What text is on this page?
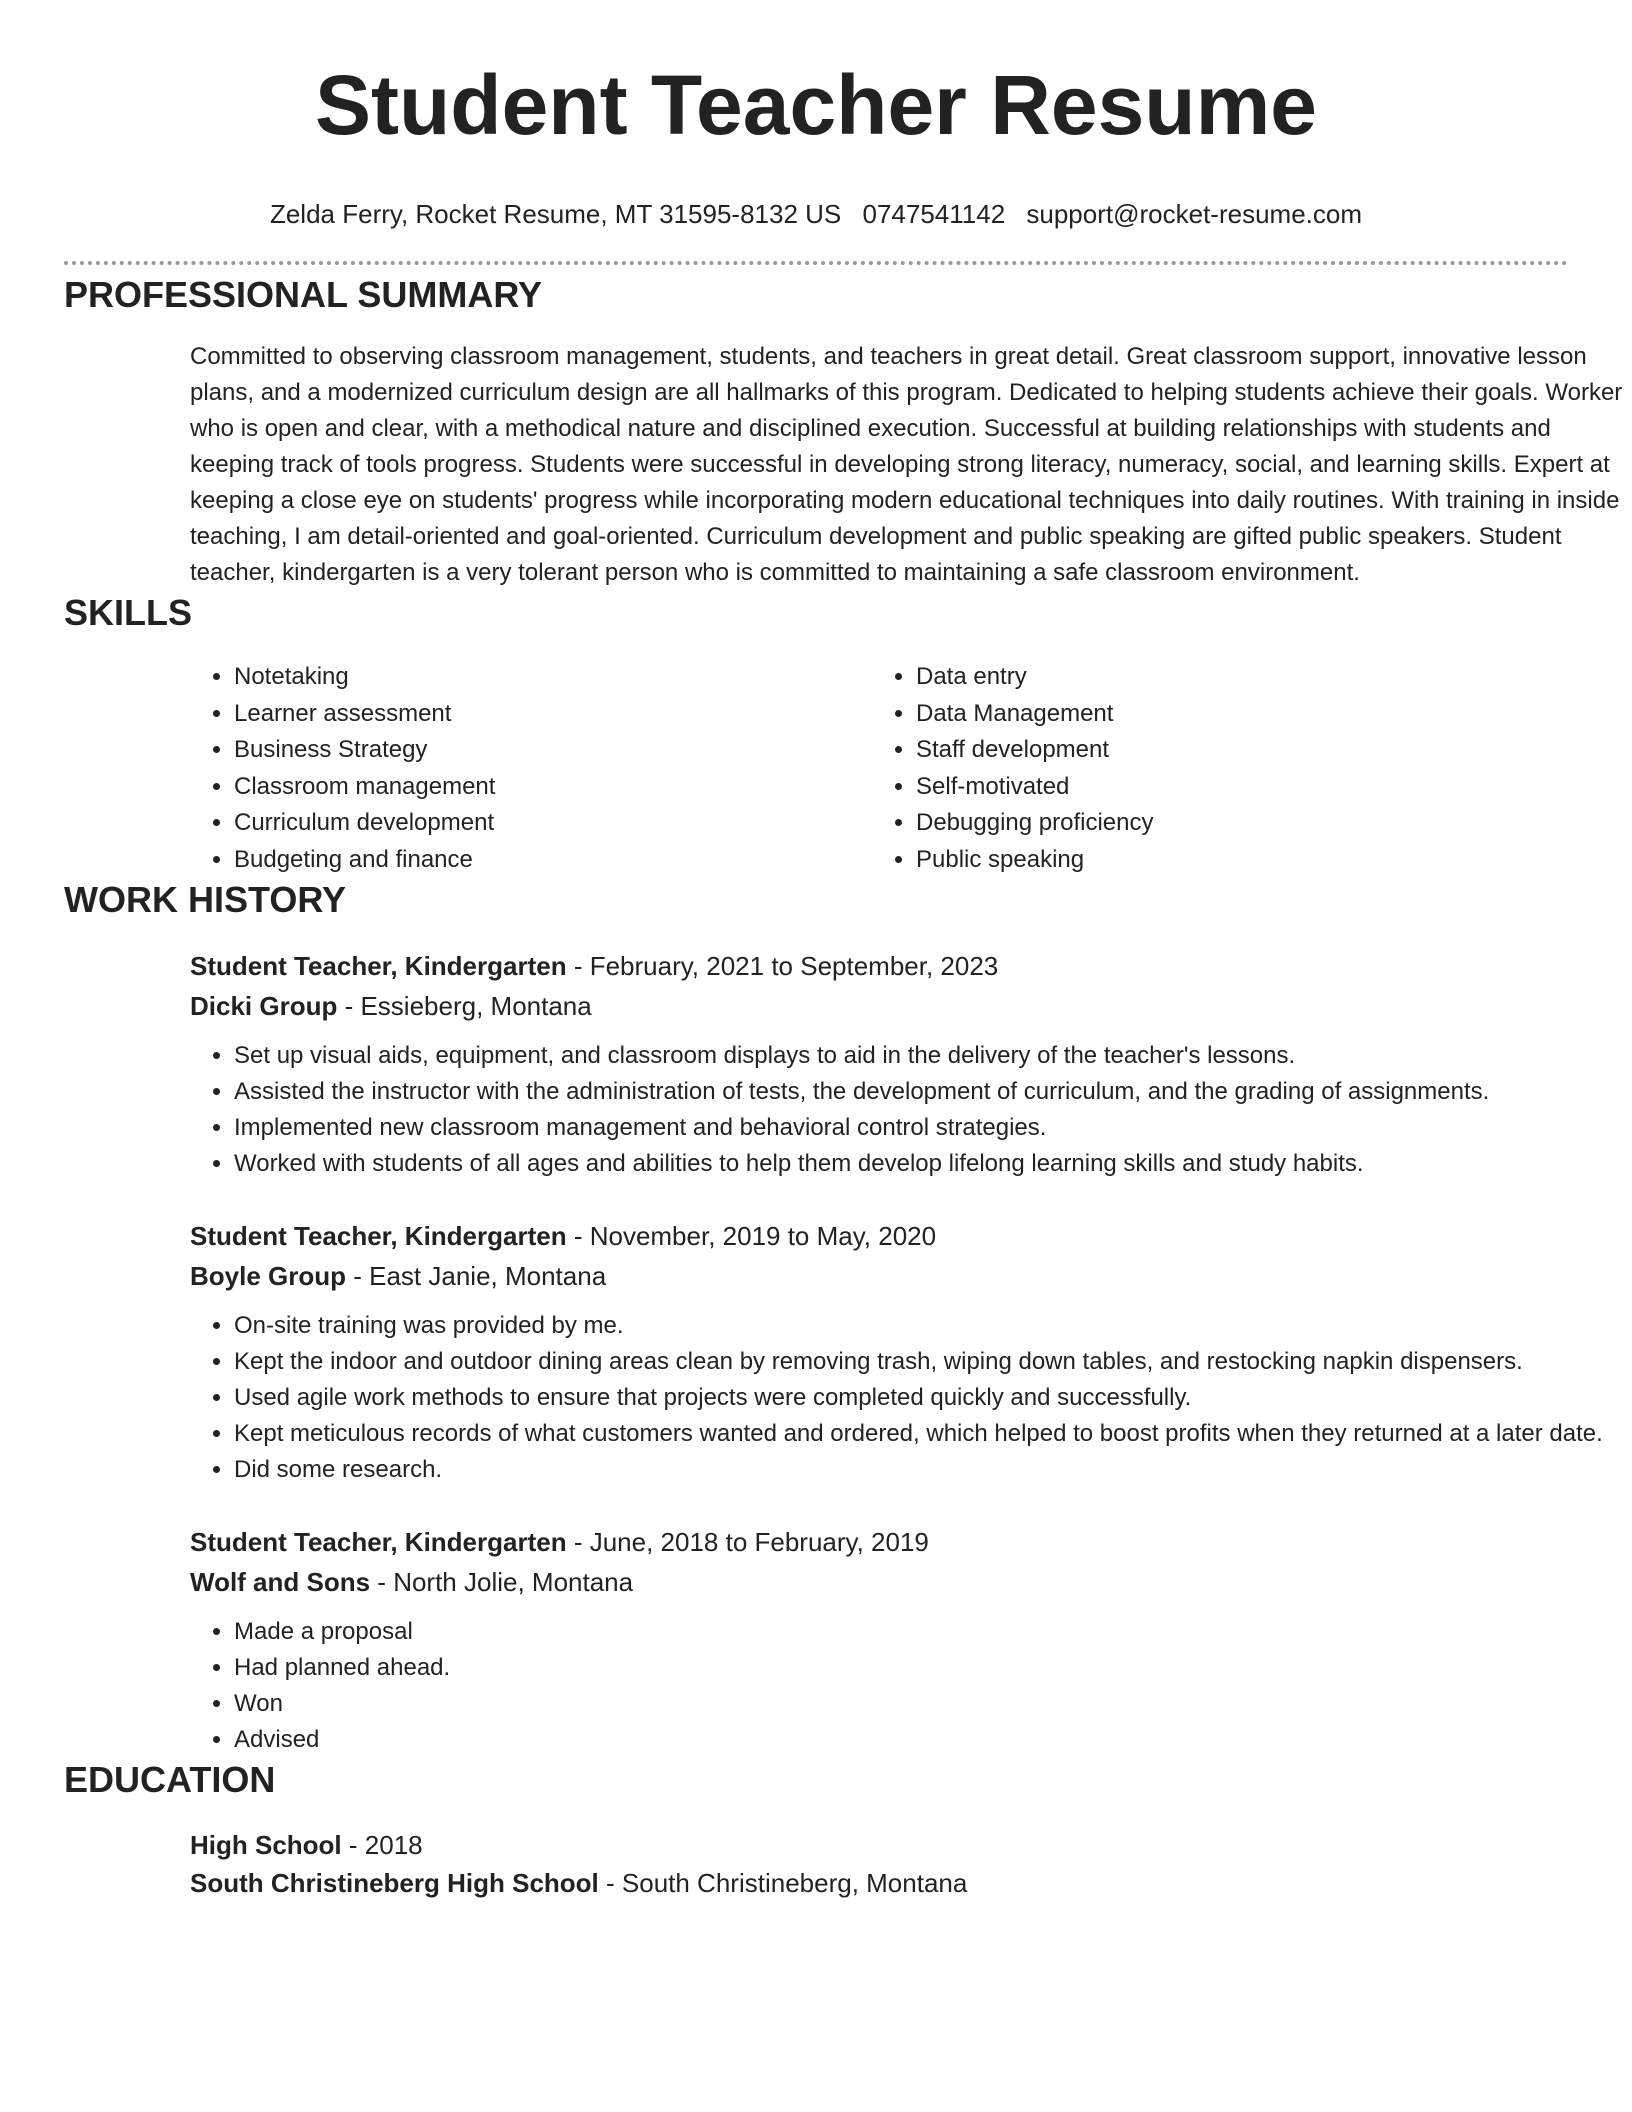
Student Teacher Resume
Zelda Ferry, Rocket Resume, MT 31595-8132 US 0747541142 support@rocket-resume.com
PROFESSIONAL SUMMARY

Committed to observing classroom management, students, and teachers in great detail. Great classroom support, innovative lesson plans, and a modernized curriculum design are all hallmarks of this program. Dedicated to helping students achieve their goals. Worker who is open and clear, with a methodical nature and disciplined execution. Successful at building relationships with students and keeping track of tools progress. Students were successful in developing strong literacy, numeracy, social, and learning skills. Expert at keeping a close eye on students' progress while incorporating modern educational techniques into daily routines. With training in inside teaching, I am detail-oriented and goal-oriented. Curriculum development and public speaking are gifted public speakers. Student teacher, kindergarten is a very tolerant person who is committed to maintaining a safe classroom environment.

SKILLS
• Notetaking
• Learner assessment
• Business Strategy
• Classroom management
• Curriculum development
• Budgeting and finance
• Data entry
• Data Management
• Staff development
• Self-motivated
• Debugging proficiency
• Public speaking
WORK HISTORY
Student Teacher, Kindergarten - February, 2021 to September, 2023
Dicki Group - Essieberg, Montana
• Set up visual aids, equipment, and classroom displays to aid in the delivery of the teacher's lessons.
• Assisted the instructor with the administration of tests, the development of curriculum, and the grading of assignments.
• Implemented new classroom management and behavioral control strategies.
• Worked with students of all ages and abilities to help them develop lifelong learning skills and study habits.
Student Teacher, Kindergarten - November, 2019 to May, 2020
Boyle Group - East Janie, Montana
• On-site training was provided by me.
• Kept the indoor and outdoor dining areas clean by removing trash, wiping down tables, and restocking napkin dispensers.
• Used agile work methods to ensure that projects were completed quickly and successfully.
• Kept meticulous records of what customers wanted and ordered, which helped to boost profits when they returned at a later date.
• Did some research.
Student Teacher, Kindergarten - June, 2018 to February, 2019
Wolf and Sons - North Jolie, Montana
• Made a proposal
• Had planned ahead.
• Won
• Advised
EDUCATION
High School - 2018
South Christineberg High School - South Christineberg, Montana
